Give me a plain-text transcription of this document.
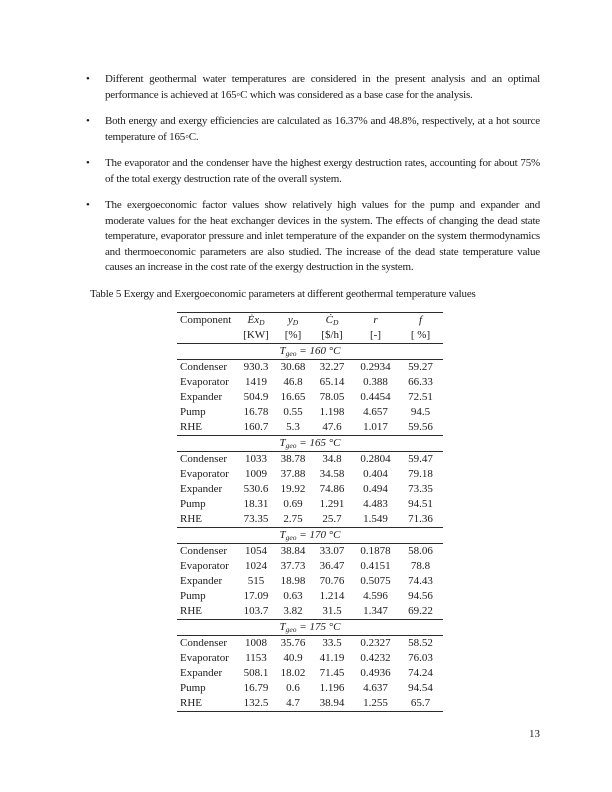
• Different geothermal water temperatures are considered in the present analysis and an optimal performance is achieved at 165◦C which was considered as a base case for the analysis.
• Both energy and exergy efficiencies are calculated as 16.37% and 48.8%, respectively, at a hot source temperature of 165◦C.
• The evaporator and the condenser have the highest exergy destruction rates, accounting for about 75% of the total exergy destruction rate of the overall system.
• The exergoeconomic factor values show relatively high values for the pump and expander and moderate values for the heat exchanger devices in the system. The effects of changing the dead state temperature, evaporator pressure and inlet temperature of the expander on the system thermodynamics and thermoeconomic parameters are also studied. The increase of the dead state temperature value causes an increase in the cost rate of the exergy destruction in the system.

Table 5 Exergy and Exergoeconomic parameters at different geothermal temperature values

Component	$Ėx_D$	$y_D$	$Ċ_D$	r	f
	[KW]	[%]	[$/h]	[-]	[ %]
$T_{geo} = 160$ °C					
Condenser	930.3	30.68	32.27	0.2934	59.27
Evaporator	1419	46.8	65.14	0.388	66.33
Expander	504.9	16.65	78.05	0.4454	72.51
Pump	16.78	0.55	1.198	4.657	94.5
RHE	160.7	5.3	47.6	1.017	59.56
$T_{geo} = 165$ °C					
Condenser	1033	38.78	34.8	0.2804	59.47
Evaporator	1009	37.88	34.58	0.404	79.18
Expander	530.6	19.92	74.86	0.494	73.35
Pump	18.31	0.69	1.291	4.483	94.51
RHE	73.35	2.75	25.7	1.549	71.36
$T_{geo} = 170$ °C					
Condenser	1054	38.84	33.07	0.1878	58.06
Evaporator	1024	37.73	36.47	0.4151	78.8
Expander	515	18.98	70.76	0.5075	74.43
Pump	17.09	0.63	1.214	4.596	94.56
RHE	103.7	3.82	31.5	1.347	69.22
$T_{geo} = 175$ °C					
Condenser	1008	35.76	33.5	0.2327	58.52
Evaporator	1153	40.9	41.19	0.4232	76.03
Expander	508.1	18.02	71.45	0.4936	74.24
Pump	16.79	0.6	1.196	4.637	94.54
RHE	132.5	4.7	38.94	1.255	65.7
13
